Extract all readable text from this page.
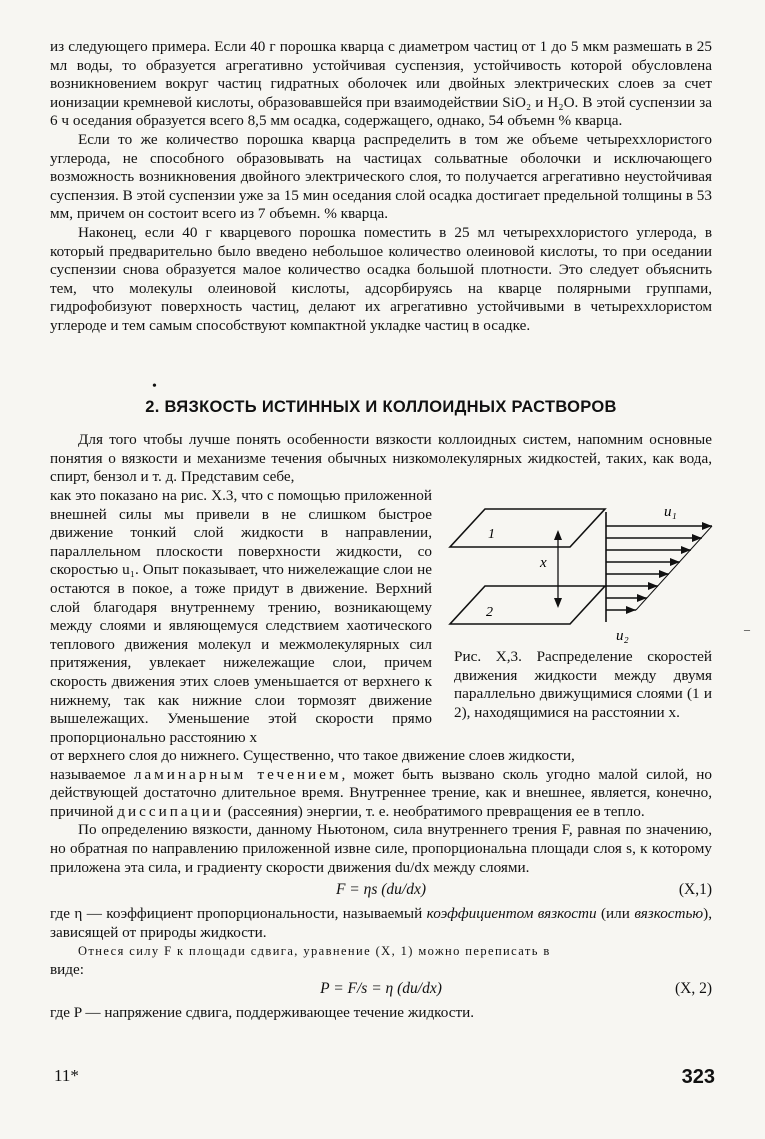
из следующего примера. Если 40 г порошка кварца с диаметром частиц от 1 до 5 мкм размешать в 25 мл воды, то образуется агрегативно устойчивая суспензия, устойчивость которой обусловлена возникновением вокруг частиц гидратных оболочек или двойных электрических слоев за счет ионизации кремневой кислоты, образовавшейся при взаимодействии SiO₂ и H₂O. В этой суспензии за 6 ч оседания образуется всего 8,5 мм осадка, содержащего, однако, 54 объемн % кварца.

Если то же количество порошка кварца распределить в том же объеме четыреххлористого углерода, не способного образовывать на частицах сольватные оболочки и исключающего возможность возникновения двойного электрического слоя, то получается агрегативно неустойчивая суспензия. В этой суспензии уже за 15 мин оседания слой осадка достигает предельной толщины в 53 мм, причем он состоит всего из 7 объемн. % кварца.

Наконец, если 40 г кварцевого порошка поместить в 25 мл четыреххлористого углерода, в который предварительно было введено небольшое количество олеиновой кислоты, то при оседании суспензии снова образуется малое количество осадка большой плотности. Это следует объяснить тем, что молекулы олеиновой кислоты, адсорбируясь на кварце полярными группами, гидрофобизуют поверхность частиц, делают их агрегативно устойчивыми в четыреххлористом углероде и тем самым способствуют компактной укладке частиц в осадке.

•
2. ВЯЗКОСТЬ ИСТИННЫХ И КОЛЛОИДНЫХ РАСТВОРОВ

Для того чтобы лучше понять особенности вязкости коллоидных систем, напомним основные понятия о вязкости и механизме течения обычных низкомолекулярных жидкостей, таких, как вода, спирт, бензол и т. д. Представим себе,

как это показано на рис. X.3, что с помощью приложенной внешней силы мы привели в не слишком быстрое движение тонкий слой жидкости в направлении, параллельном плоскости поверхности жидкости, со скоростью u₁. Опыт показывает, что нижележащие слои не остаются в покое, а тоже придут в движение. Верхний слой благодаря внутреннему трению, возникающему между слоями и являющемуся следствием хаотического теплового движения молекул и межмолекулярных сил притяжения, увлекает нижележащие слои, причем скорость движения этих слоев уменьшается от верхнего к нижнему, так как нижние слои тормозят движение вышележащих. Уменьшение этой скорости прямо пропорционально расстоянию x

x
1
2
u₁
u₂
Рис. X,3. Распределение скоростей движения жидкости между двумя параллельно движущимися слоями (1 и 2), находящимися на расстоянии x.
–

от верхнего слоя до нижнего. Существенно, что такое движение слоев жидкости,

называемое ламинарным течением, может быть вызвано сколь угодно малой силой, но действующей достаточно длительное время. Внутреннее трение, как и внешнее, является, конечно, причиной диссипации (рассеяния) энергии, т. е. необратимого превращения ее в тепло.

По определению вязкости, данному Ньютоном, сила внутреннего трения F, равная по значению, но обратная по направлению приложенной извне силе, пропорциональна площади слоя s, к которому приложена эта сила, и градиенту скорости движения du/dx между слоями.

F = ηs (du/dx)	(X,1)

где η — коэффициент пропорциональности, называемый коэффициентом вязкости (или вязкостью), зависящей от природы жидкости.

Отнеся силу F к площади сдвига, уравнение (X, 1) можно переписать в

виде:

P = F/s = η (du/dx)	(X, 2)

где P — напряжение сдвига, поддерживающее течение жидкости.

11*	323
